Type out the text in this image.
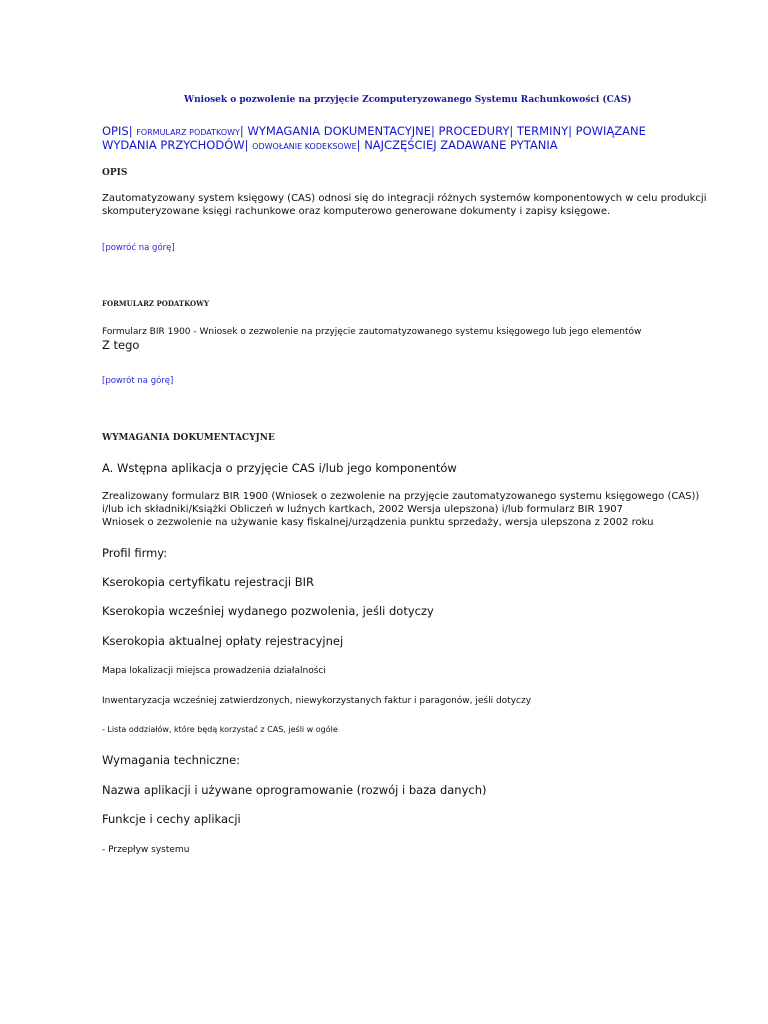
Wniosek o pozwolenie na przyjęcie Zcomputeryzowanego Systemu Rachunkowości (CAS)
OPIS| FORMULARZ PODATKOWY| WYMAGANIA DOKUMENTACYJNE| PROCEDURY| TERMINY| POWIĄZANE
WYDANIA PRZYCHODÓW| ODWOŁANIE KODEKSOWE| NAJCZĘŚCIEJ ZADAWANE PYTANIA
OPIS
Zautomatyzowany system księgowy (CAS) odnosi się do integracji różnych systemów komponentowych w celu produkcji
skomputeryzowane księgi rachunkowe oraz komputerowo generowane dokumenty i zapisy księgowe.
[powróć na górę]
FORMULARZ PODATKOWY
Formularz BIR 1900 - Wniosek o zezwolenie na przyjęcie zautomatyzowanego systemu księgowego lub jego elementów
Z tego
[powrót na górę]
WYMAGANIA DOKUMENTACYJNE
A. Wstępna aplikacja o przyjęcie CAS i/lub jego komponentów
Zrealizowany formularz BIR 1900 (Wniosek o zezwolenie na przyjęcie zautomatyzowanego systemu księgowego (CAS))
i/lub ich składniki/Książki Obliczeń w luźnych kartkach, 2002 Wersja ulepszona) i/lub formularz BIR 1907
Wniosek o zezwolenie na używanie kasy fiskalnej/urządzenia punktu sprzedaży, wersja ulepszona z 2002 roku
Profil firmy:
Kserokopia certyfikatu rejestracji BIR
Kserokopia wcześniej wydanego pozwolenia, jeśli dotyczy
Kserokopia aktualnej opłaty rejestracyjnej
Mapa lokalizacji miejsca prowadzenia działalności
Inwentaryzacja wcześniej zatwierdzonych, niewykorzystanych faktur i paragonów, jeśli dotyczy
- Lista oddziałów, które będą korzystać z CAS, jeśli w ogóle
Wymagania techniczne:
Nazwa aplikacji i używane oprogramowanie (rozwój i baza danych)
Funkcje i cechy aplikacji
- Przepływ systemu
